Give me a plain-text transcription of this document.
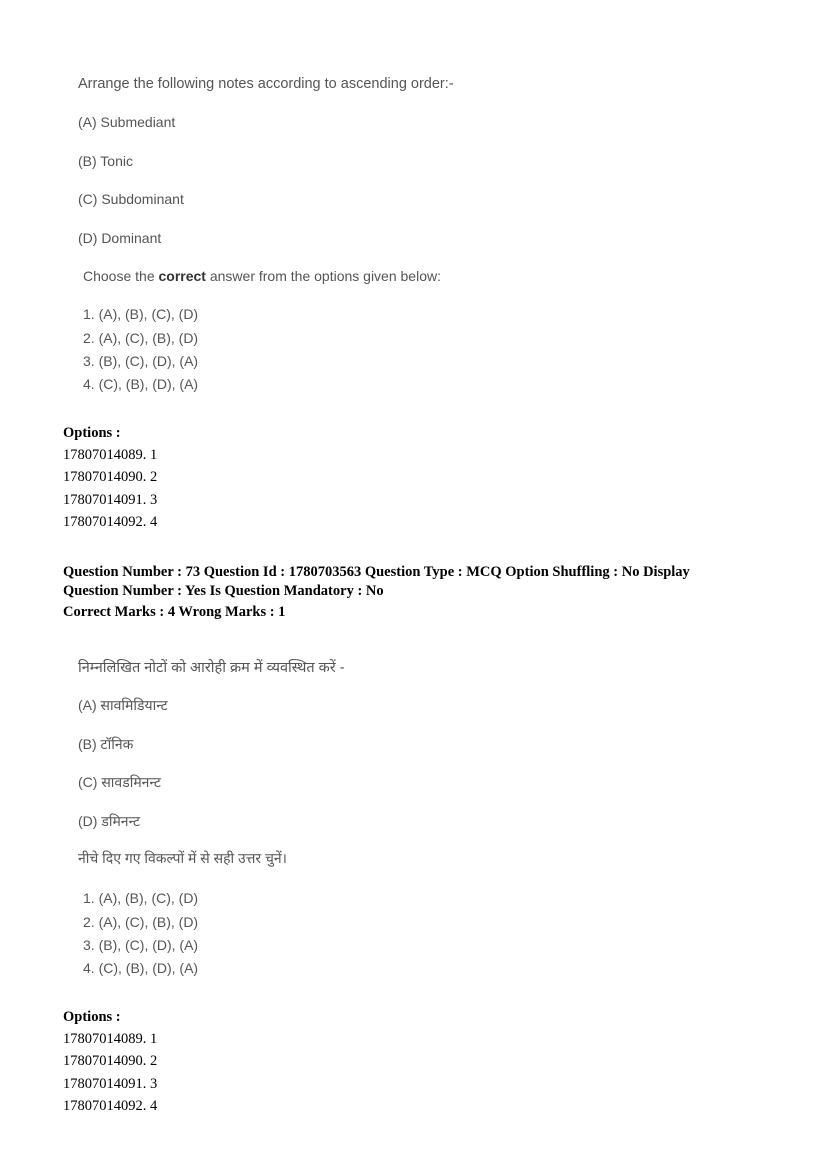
Arrange the following notes according to ascending order:-
(A) Submediant
(B) Tonic
(C) Subdominant
(D) Dominant
Choose the correct answer from the options given below:
1. (A), (B), (C), (D)
2. (A), (C), (B), (D)
3. (B), (C), (D), (A)
4. (C), (B), (D), (A)
Options :
17807014089. 1
17807014090. 2
17807014091. 3
17807014092. 4
Question Number : 73 Question Id : 1780703563 Question Type : MCQ Option Shuffling : No Display
Question Number : Yes Is Question Mandatory : No
Correct Marks : 4 Wrong Marks : 1
निम्नलिखित नोटों को आरोही क्रम में व्यवस्थित करें -
(A) सावमिडियान्ट
(B) टॉनिक
(C) सावडमिनन्ट
(D) डमिनन्ट
नीचे दिए गए विकल्पों में से सही उत्तर चुनें।
1. (A), (B), (C), (D)
2. (A), (C), (B), (D)
3. (B), (C), (D), (A)
4. (C), (B), (D), (A)
Options :
17807014089. 1
17807014090. 2
17807014091. 3
17807014092. 4
